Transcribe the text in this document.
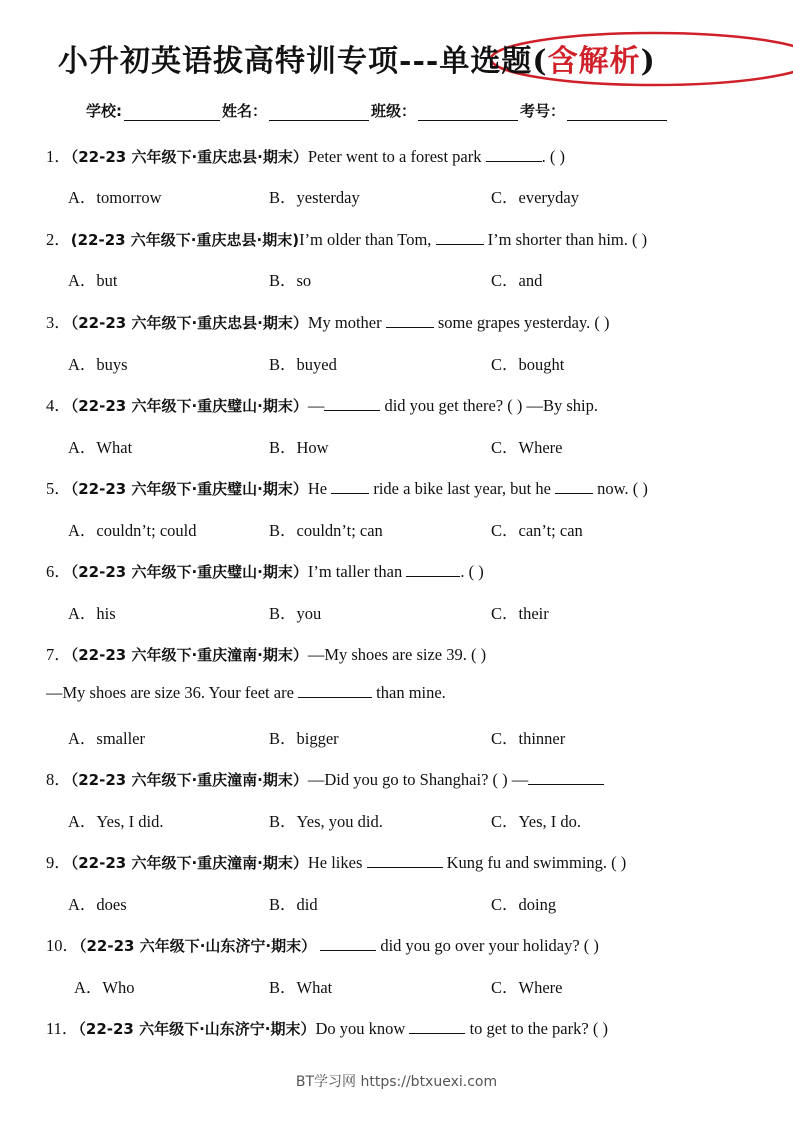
小升初英语拔高特训专项---单选题(含解析)
学校:	姓名：	班级：	考号：
1．（22-23 六年级下·重庆忠县·期末）Peter went to a forest park	. ( )
A．tomorrow	B．yesterday	C．everyday
2．(22-23 六年级下·重庆忠县·期末)I’m older than Tom,	I’m shorter than him. ( )
A．but	B．so	C．and
3．（22-23 六年级下·重庆忠县·期末）My mother	some grapes yesterday. ( )
A．buys	B．buyed	C．bought
4．（22-23 六年级下·重庆璧山·期末）—	did you get there? ( ) —By ship.
A．What	B．How	C．Where
5．（22-23 六年级下·重庆璧山·期末）He  ride a bike last year, but he  now. ( )
A．couldn’t; could	B．couldn’t; can	C．can’t; can
6．（22-23 六年级下·重庆璧山·期末）I’m taller than	. ( )
A．his	B．you	C．their
7．（22-23 六年级下·重庆潼南·期末）—My shoes are size 39. ( )
—My shoes are size 36. Your feet are	than mine.
A．smaller	B．bigger	C．thinner
8．（22-23 六年级下·重庆潼南·期末）—Did you go to Shanghai? ( ) —
A．Yes, I did.	B．Yes, you did.	C．Yes, I do.
9．（22-23 六年级下·重庆潼南·期末）He likes	Kung fu and swimming. ( )
A．does	B．did	C．doing
10．（22-23 六年级下·山东济宁·期末）	did you go over your holiday? ( )
A．Who	B．What	C．Where
11．（22-23 六年级下·山东济宁·期末）Do you know	to get to the park? ( )
BT学习网 https://btxuexi.com
